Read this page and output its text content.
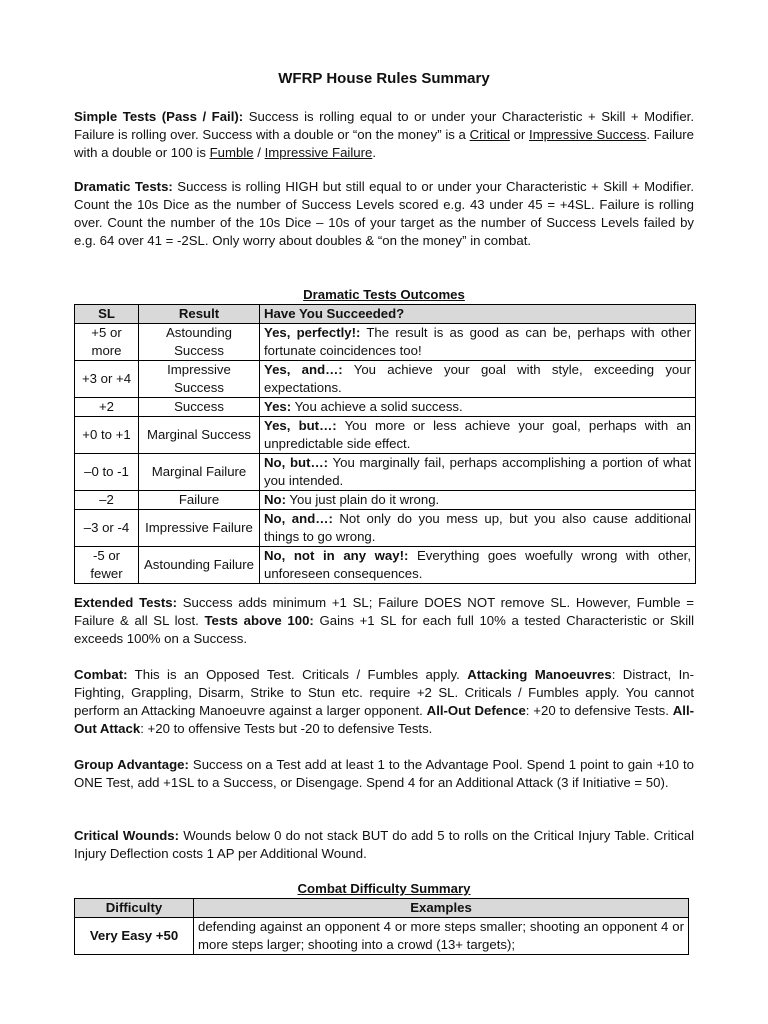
WFRP House Rules Summary

Simple Tests (Pass / Fail): Success is rolling equal to or under your Characteristic + Skill + Modifier. Failure is rolling over. Success with a double or “on the money” is a Critical or Impressive Success. Failure with a double or 100 is Fumble / Impressive Failure.

Dramatic Tests: Success is rolling HIGH but still equal to or under your Characteristic + Skill + Modifier. Count the 10s Dice as the number of Success Levels scored e.g. 43 under 45 = +4SL. Failure is rolling over. Count the number of the 10s Dice – 10s of your target as the number of Success Levels failed by e.g. 64 over 41 = -2SL. Only worry about doubles & “on the money” in combat.

Dramatic Tests Outcomes

SL	Result	Have You Succeeded?
+5 or more	Astounding Success	Yes, perfectly!: The result is as good as can be, perhaps with other fortunate coincidences too!
+3 or +4	Impressive Success	Yes, and…: You achieve your goal with style, exceeding your expectations.
+2	Success	Yes: You achieve a solid success.
+0 to +1	Marginal Success	Yes, but…: You more or less achieve your goal, perhaps with an unpredictable side effect.
–0 to -1	Marginal Failure	No, but…: You marginally fail, perhaps accomplishing a portion of what you intended.
–2	Failure	No: You just plain do it wrong.
–3 or -4	Impressive Failure	No, and…: Not only do you mess up, but you also cause additional things to go wrong.
-5 or fewer	Astounding Failure	No, not in any way!: Everything goes woefully wrong with other, unforeseen consequences.

Extended Tests: Success adds minimum +1 SL; Failure DOES NOT remove SL. However, Fumble = Failure & all SL lost. Tests above 100: Gains +1 SL for each full 10% a tested Characteristic or Skill exceeds 100% on a Success.

Combat: This is an Opposed Test. Criticals / Fumbles apply. Attacking Manoeuvres: Distract, In-Fighting, Grappling, Disarm, Strike to Stun etc. require +2 SL. Criticals / Fumbles apply. You cannot perform an Attacking Manoeuvre against a larger opponent. All-Out Defence: +20 to defensive Tests. All-Out Attack: +20 to offensive Tests but -20 to defensive Tests.

Group Advantage: Success on a Test add at least 1 to the Advantage Pool. Spend 1 point to gain +10 to ONE Test, add +1SL to a Success, or Disengage. Spend 4 for an Additional Attack (3 if Initiative = 50).

Critical Wounds: Wounds below 0 do not stack BUT do add 5 to rolls on the Critical Injury Table. Critical Injury Deflection costs 1 AP per Additional Wound.

Combat Difficulty Summary

Difficulty	Examples
Very Easy +50	defending against an opponent 4 or more steps smaller; shooting an opponent 4 or more steps larger; shooting into a crowd (13+ targets);
